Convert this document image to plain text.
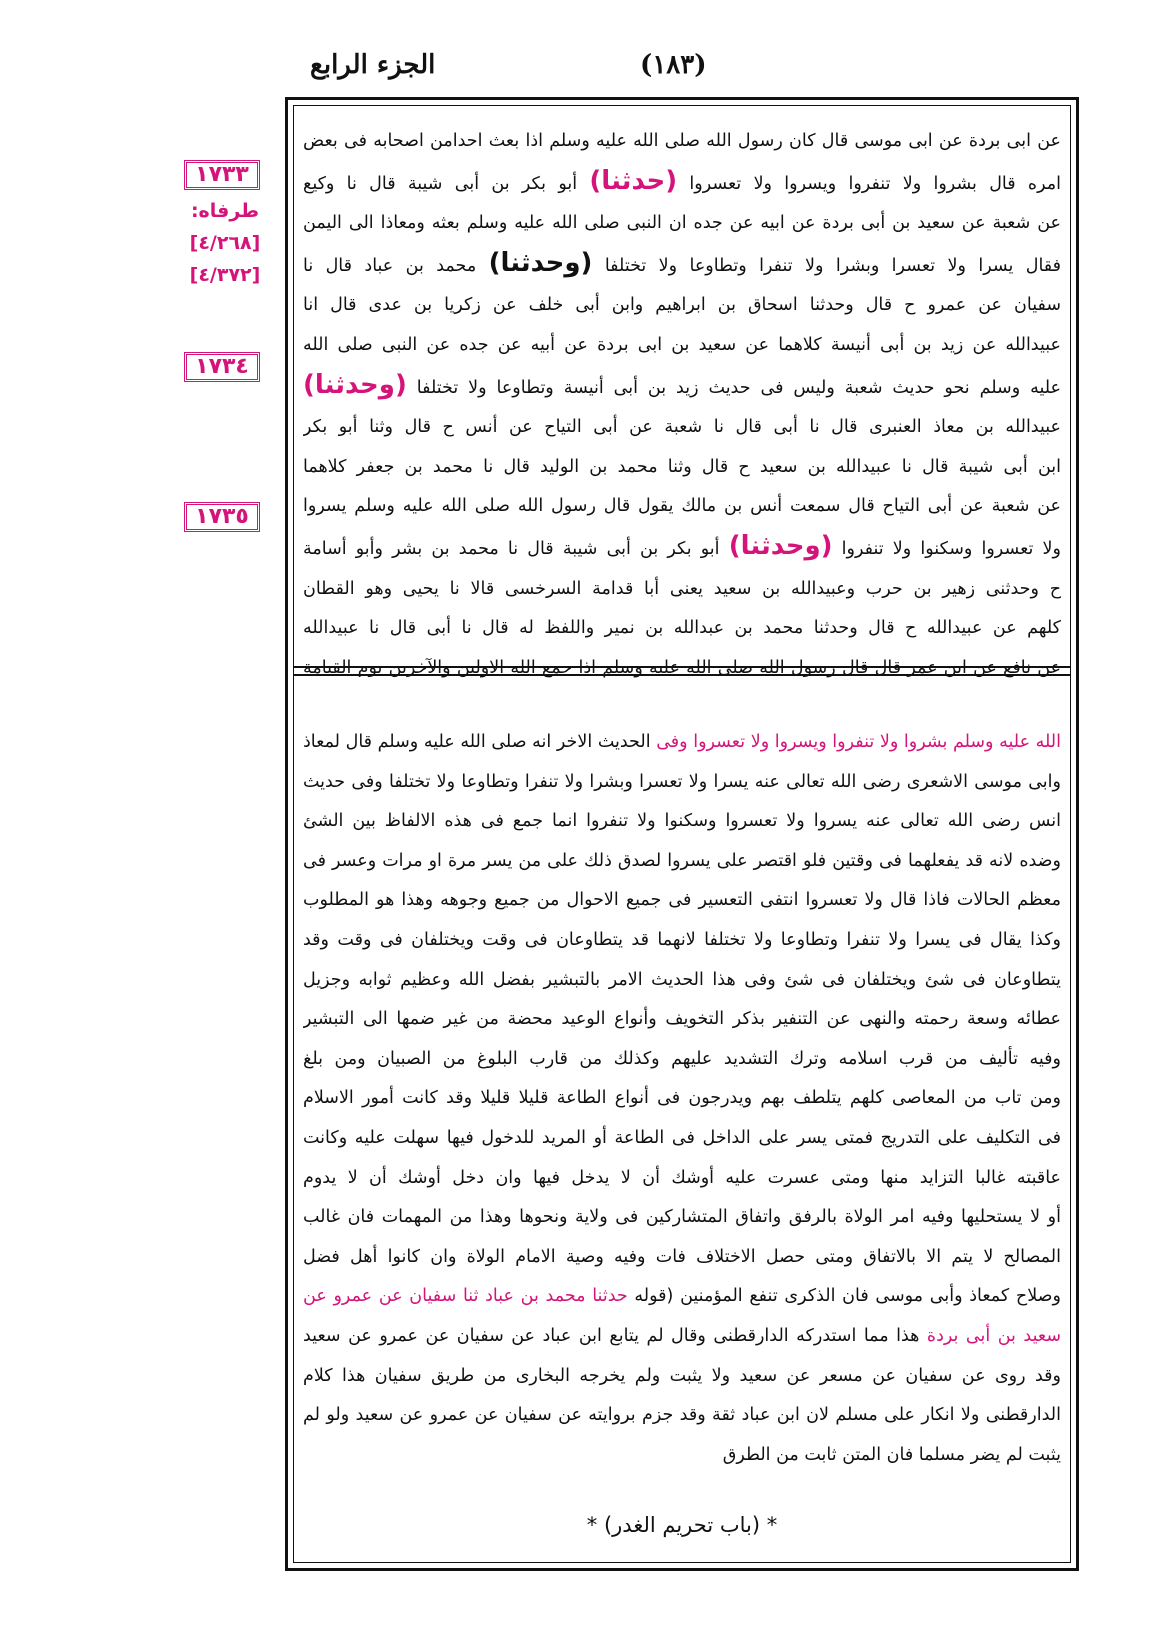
الجزء الرابع	(١٨٣)
١٧٣٣
طرفاه:
[٤/٢٦٨]
[٤/٣٧٢]
١٧٣٤
١٧٣٥
عن ابى بردة عن ابى موسى قال كان رسول الله صلى الله عليه وسلم اذا بعث احدامن اصحابه فى بعض
امره قال بشروا ولا تنفروا ويسروا ولا تعسروا (حدثنا) أبو بكر بن أبى شيبة قال نا وكيع
عن شعبة عن سعيد بن أبى بردة عن ابيه عن جده ان النبى صلى الله عليه وسلم بعثه ومعاذا الى اليمن
فقال يسرا ولا تعسرا وبشرا ولا تنفرا وتطاوعا ولا تختلفا (وحدثنا) محمد بن عباد قال نا
سفيان عن عمرو ح قال وحدثنا اسحاق بن ابراهيم وابن أبى خلف عن زكريا بن عدى قال انا
عبيدالله عن زيد بن أبى أنيسة كلاهما عن سعيد بن ابى بردة عن أبيه عن جده عن النبى صلى الله
عليه وسلم نحو حديث شعبة وليس فى حديث زيد بن أبى أنيسة وتطاوعا ولا تختلفا (وحدثنا)
عبيدالله بن معاذ العنبرى قال نا أبى قال نا شعبة عن أبى التياح عن أنس ح قال وثنا أبو بكر
ابن أبى شيبة قال نا عبيدالله بن سعيد ح قال وثنا محمد بن الوليد قال نا محمد بن جعفر كلاهما
عن شعبة عن أبى التياح قال سمعت أنس بن مالك يقول قال رسول الله صلى الله عليه وسلم يسروا
ولا تعسروا وسكنوا ولا تنفروا (وحدثنا) أبو بكر بن أبى شيبة قال نا محمد بن بشر وأبو أسامة
ح وحدثنى زهير بن حرب وعبيدالله بن سعيد يعنى أبا قدامة السرخسى قالا نا يحيى وهو القطان
كلهم عن عبيدالله ح قال وحدثنا محمد بن عبدالله بن نمير واللفظ له قال نا أبى قال نا عبيدالله
عن نافع عن ابن عمر قال قال رسول الله صلى الله عليه وسلم اذا جمع الله الاولين والآخرين يوم القيامة
الله عليه وسلم بشروا ولا تنفروا ويسروا ولا تعسروا وفى الحديث الاخر انه صلى الله عليه وسلم قال لمعاذ
وابى موسى الاشعرى رضى الله تعالى عنه يسرا ولا تعسرا وبشرا ولا تنفرا وتطاوعا ولا تختلفا وفى حديث
انس رضى الله تعالى عنه يسروا ولا تعسروا وسكنوا ولا تنفروا انما جمع فى هذه الالفاظ بين الشئ
وضده لانه قد يفعلهما فى وقتين فلو اقتصر على يسروا لصدق ذلك على من يسر مرة او مرات وعسر فى
معظم الحالات فاذا قال ولا تعسروا انتفى التعسير فى جميع الاحوال من جميع وجوهه وهذا هو المطلوب
وكذا يقال فى يسرا ولا تنفرا وتطاوعا ولا تختلفا لانهما قد يتطاوعان فى وقت ويختلفان فى وقت وقد
يتطاوعان فى شئ ويختلفان فى شئ وفى هذا الحديث الامر بالتبشير بفضل الله وعظيم ثوابه وجزيل
عطائه وسعة رحمته والنهى عن التنفير بذكر التخويف وأنواع الوعيد محضة من غير ضمها الى التبشير
وفيه تأليف من قرب اسلامه وترك التشديد عليهم وكذلك من قارب البلوغ من الصبيان ومن بلغ
ومن تاب من المعاصى كلهم يتلطف بهم ويدرجون فى أنواع الطاعة قليلا قليلا وقد كانت أمور الاسلام
فى التكليف على التدريج فمتى يسر على الداخل فى الطاعة أو المريد للدخول فيها سهلت عليه وكانت
عاقبته غالبا التزايد منها ومتى عسرت عليه أوشك أن لا يدخل فيها وان دخل أوشك أن لا يدوم
أو لا يستحليها وفيه امر الولاة بالرفق واتفاق المتشاركين فى ولاية ونحوها وهذا من المهمات فان غالب
المصالح لا يتم الا بالاتفاق ومتى حصل الاختلاف فات وفيه وصية الامام الولاة وان كانوا أهل فضل
وصلاح كمعاذ وأبى موسى فان الذكرى تنفع المؤمنين (قوله حدثنا محمد بن عباد ثنا سفيان عن عمرو عن
سعيد بن أبى بردة هذا مما استدركه الدارقطنى وقال لم يتابع ابن عباد عن سفيان عن عمرو عن سعيد
وقد روى عن سفيان عن مسعر عن سعيد ولا يثبت ولم يخرجه البخارى من طريق سفيان هذا كلام
الدارقطنى ولا انكار على مسلم لان ابن عباد ثقة وقد جزم بروايته عن سفيان عن عمرو عن سعيد ولو لم
يثبت لم يضر مسلما فان المتن ثابت من الطرق
* (باب تحريم الغدر) *
